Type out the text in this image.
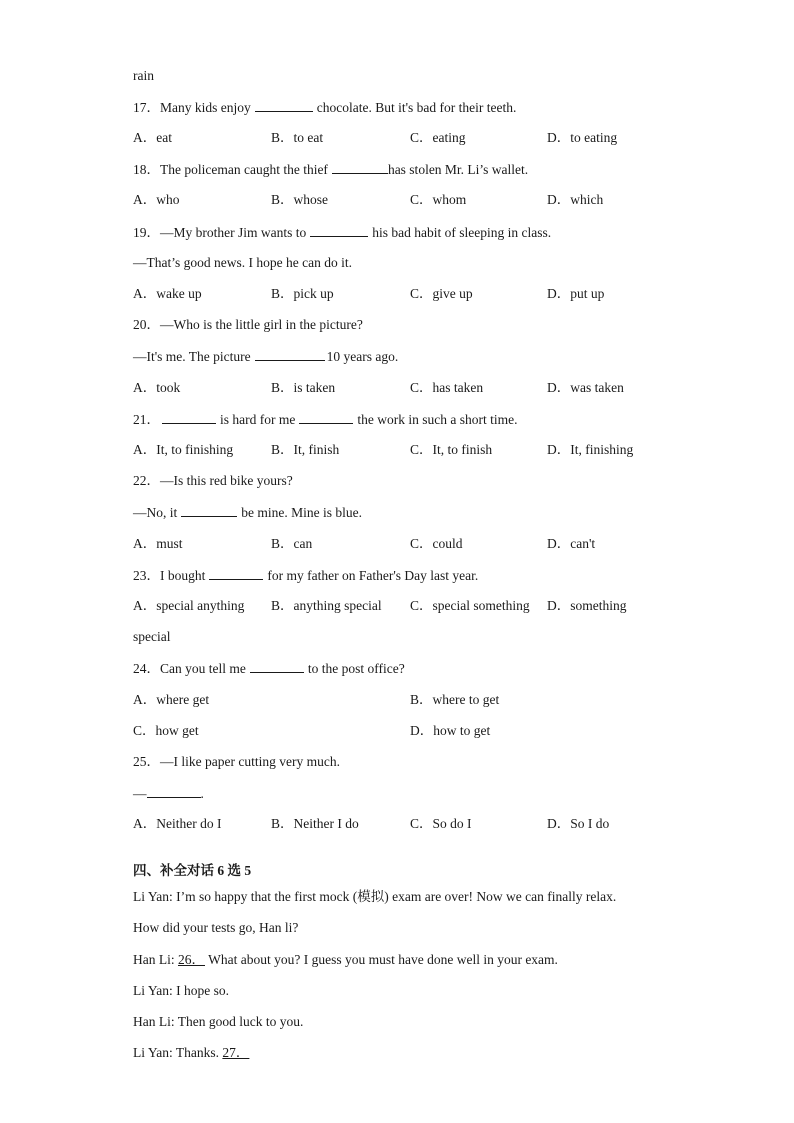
rain
17．Many kids enjoy	chocolate. But it's bad for their teeth.
A．eat	B．to eat	C．eating	D．to eating
18．The policeman caught the thief	has stolen Mr. Li’s wallet.
A．who	B．whose	C．whom	D．which
19．—My brother Jim wants to	his bad habit of sleeping in class.
—That’s good news. I hope he can do it.
A．wake up	B．pick up	C．give up	D．put up
20．—Who is the little girl in the picture?
—It's me. The picture	10 years ago.
A．took	B．is taken	C．has taken	D．was taken
21．	is hard for me	the work in such a short time.
A．It, to finishing	B．It, finish	C．It, to finish	D．It, finishing
22．—Is this red bike yours?
—No, it	be mine. Mine is blue.
A．must	B．can	C．could	D．can't
23．I bought	for my father on Father's Day last year.
A．special anything B．anything special C．special something D．something
special
24．Can you tell me	to the post office?
A．where get	B．where to get
C．how get	D．how to get
25．—I like paper cutting very much.
—	.
A．Neither do I	B．Neither I do	C．So do I	D．So I do
四、补全对话 6 选 5
Li Yan: I’m so happy that the first mock (模拟) exam are over! Now we can finally relax.
How did your tests go, Han li?
Han Li: 26． What about you? I guess you must have done well in your exam.
Li Yan: I hope so.
Han Li: Then good luck to you.
Li Yan: Thanks. 27．
